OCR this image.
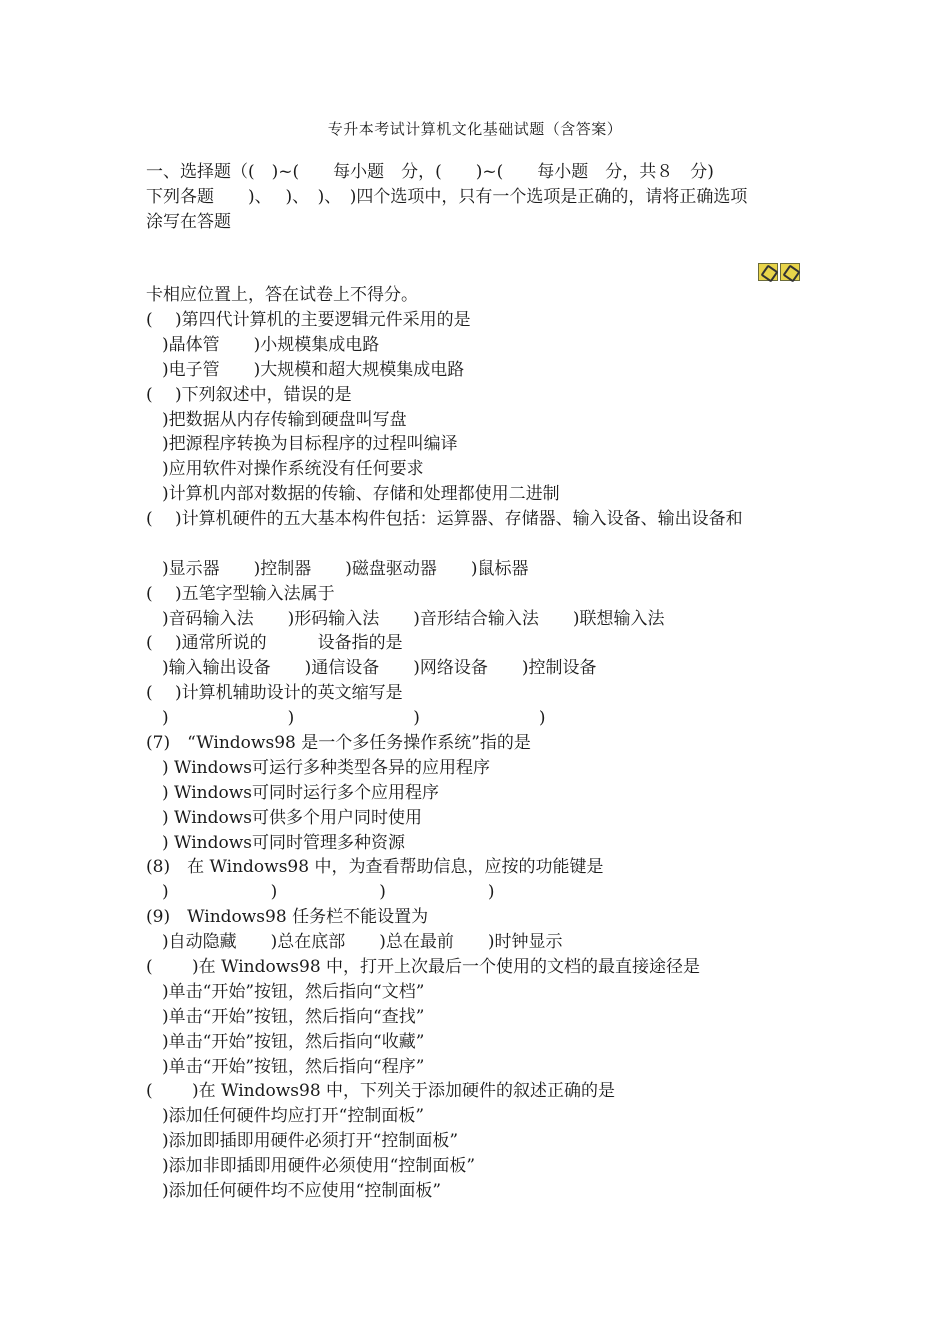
专升本考试计算机文化基础试题（含答案）
一、选择题（(　)~(　　每小题　分，(　　)~(　　每小题　分，共８　分)
下列各题　　)、　 )、　)、　)四个选项中，只有一个选项是正确的，请将正确选项
涂写在答题
卡相应位置上，答在试卷上不得分。
(　 )第四代计算机的主要逻辑元件采用的是
)晶体管　　)小规模集成电路
)电子管　　)大规模和超大规模集成电路
(　 )下列叙述中，错误的是
)把数据从内存传输到硬盘叫写盘
)把源程序转换为目标程序的过程叫编译
)应用软件对操作系统没有任何要求
)计算机内部对数据的传输、存储和处理都使用二进制
(　 )计算机硬件的五大基本构件包括：运算器、存储器、输入设备、输出设备和
)显示器　　)控制器　　)磁盘驱动器　　)鼠标器
(　 )五笔字型输入法属于
)音码输入法　　)形码输入法　　)音形结合输入法　　)联想输入法
(　 )通常所说的　　　设备指的是
)输入输出设备　　)通信设备　　)网络设备　　)控制设备
(　 )计算机辅助设计的英文缩写是
)　　　　　　　)　　　　　　　)　　　　　　　)
(7)　“Windows98 是一个多任务操作系统”指的是
) Windows可运行多种类型各异的应用程序
) Windows可同时运行多个应用程序
) Windows可供多个用户同时使用
) Windows可同时管理多种资源
(8)　在 Windows98 中，为查看帮助信息，应按的功能键是
)　　　　　　)　　　　　　)　　　　　　)
(9)　Windows98 任务栏不能设置为
)自动隐藏　　)总在底部　　)总在最前　　)时钟显示
(　　 )在 Windows98 中，打开上次最后一个使用的文档的最直接途径是
)单击“开始”按钮，然后指向“文档”
)单击“开始”按钮，然后指向“查找”
)单击“开始”按钮，然后指向“收藏”
)单击“开始”按钮，然后指向“程序”
(　　 )在 Windows98 中，下列关于添加硬件的叙述正确的是
)添加任何硬件均应打开“控制面板”
)添加即插即用硬件必须打开“控制面板”
)添加非即插即用硬件必须使用“控制面板”
)添加任何硬件均不应使用“控制面板”
